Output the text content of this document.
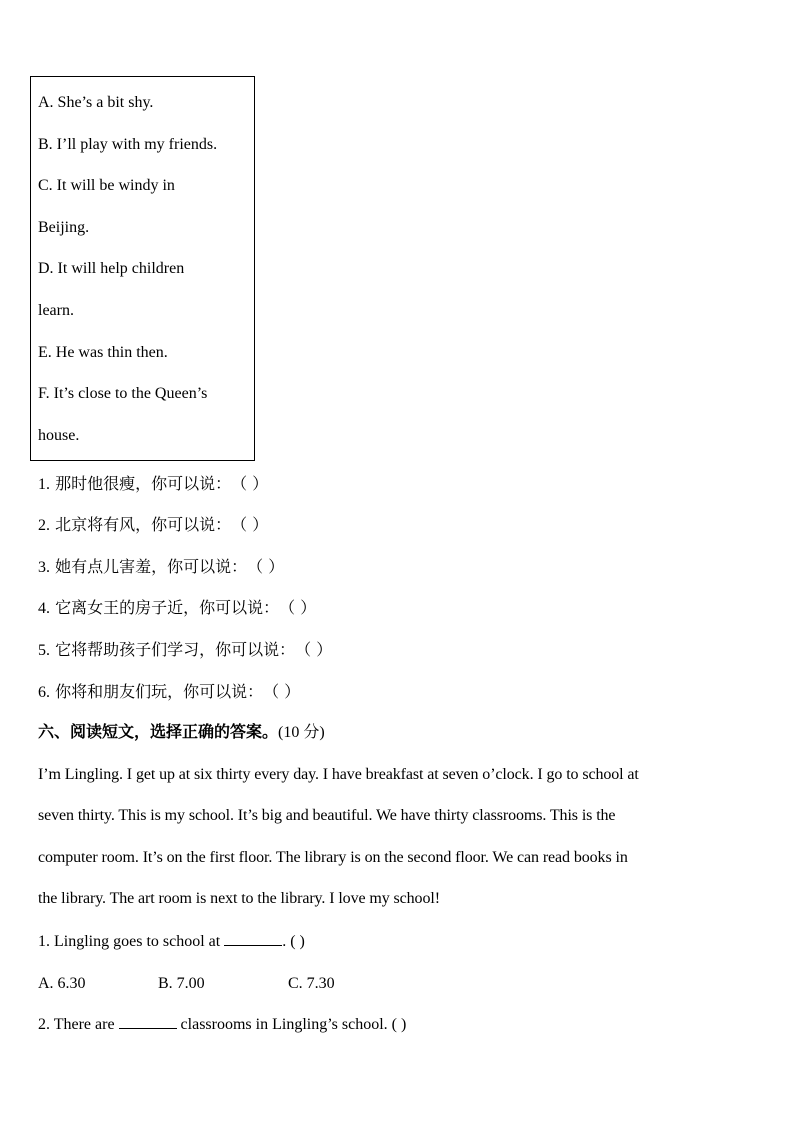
A. She’s a bit shy.
B. I’ll play with my friends.
C. It will be windy in
Beijing.
D. It will help children
learn.
E. He was thin then.
F. It’s close to the Queen’s
house.
1. 那时他很瘦，你可以说：（ ）
2. 北京将有风，你可以说：（ ）
3. 她有点儿害羞，你可以说：（ ）
4. 它离女王的房子近，你可以说：（ ）
5. 它将帮助孩子们学习，你可以说：（ ）
6. 你将和朋友们玩，你可以说：（ ）
六、阅读短文，选择正确的答案。(10 分)
I’m Lingling. I get up at six thirty every day. I have breakfast at seven o’clock. I go to school at
seven thirty. This is my school. It’s big and beautiful. We have thirty classrooms. This is the
computer room. It’s on the first floor. The library is on the second floor. We can read books in
the library. The art room is next to the library. I love my school!
1. Lingling goes to school at	. ( )
A. 6.30	B. 7.00	C. 7.30
2. There are	classrooms in Lingling’s school. ( )
